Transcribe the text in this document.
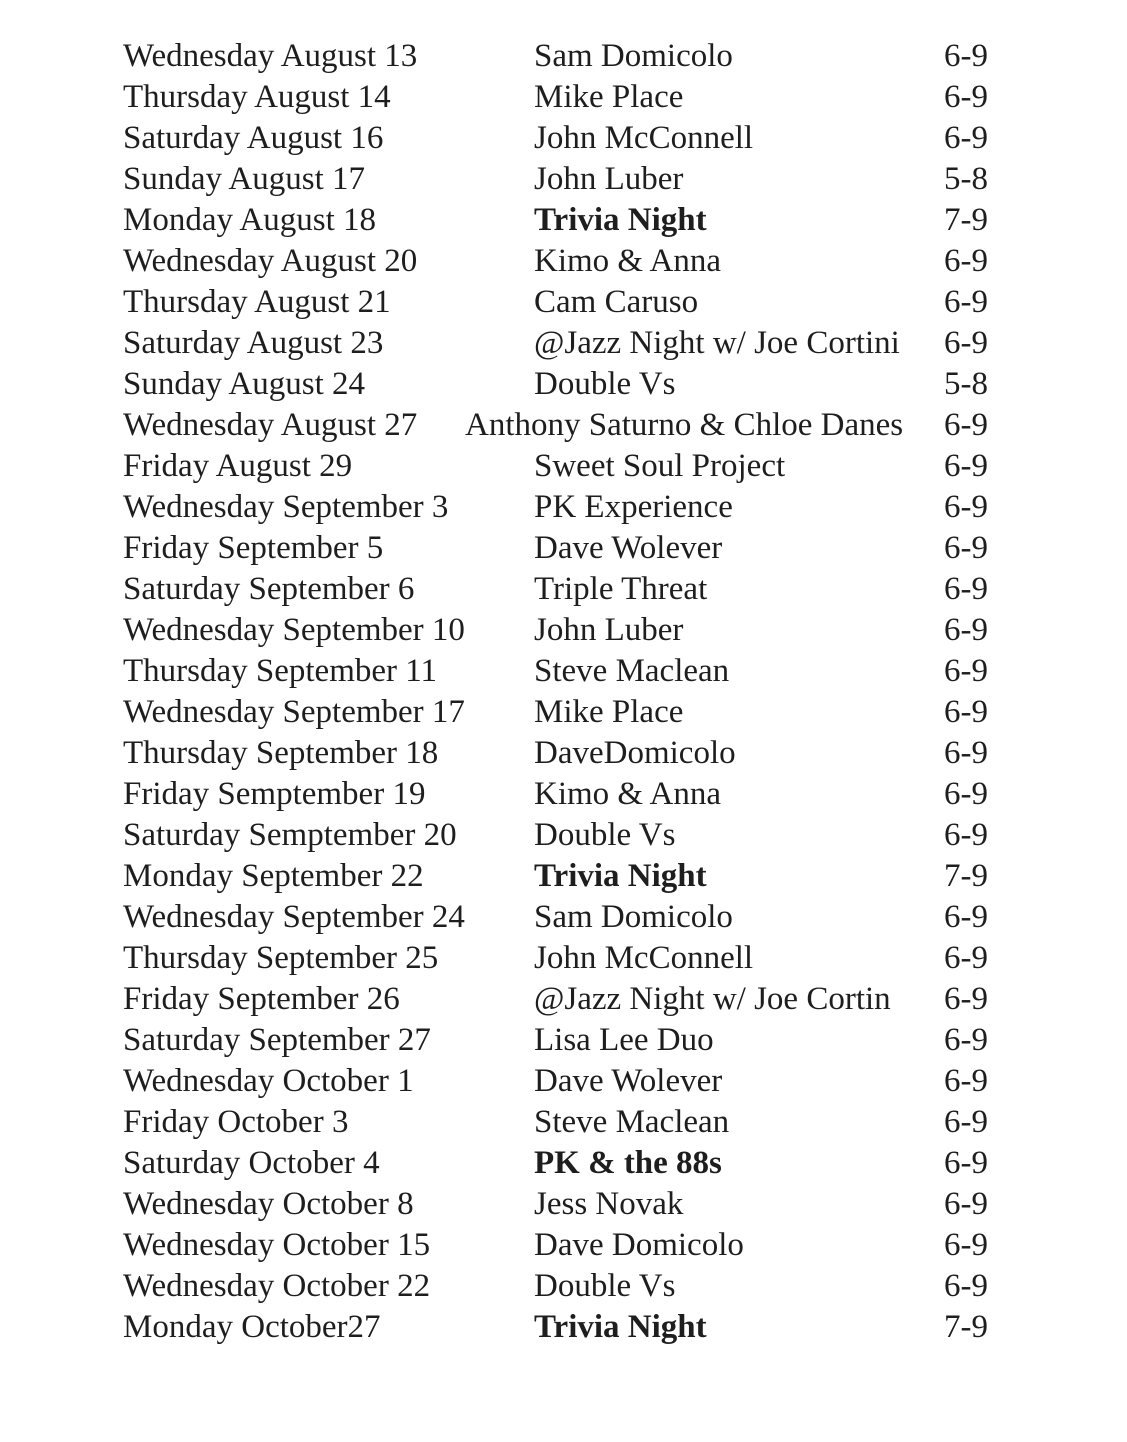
Wednesday August 13	Sam Domicolo	6-9
Thursday August 14	Mike Place	6-9
Saturday August 16	John McConnell	6-9
Sunday August 17	John Luber	5-8
Monday August 18	Trivia Night	7-9
Wednesday August 20	Kimo & Anna	6-9
Thursday August 21	Cam Caruso	6-9
Saturday August 23	@Jazz Night w/ Joe Cortini 6-9
Sunday August 24	Double Vs	5-8
Wednesday August 27 Anthony Saturno & Chloe Danes 6-9
Friday August 29	Sweet Soul Project	6-9
Wednesday September 3	PK Experience	6-9
Friday September 5	Dave Wolever	6-9
Saturday September 6	Triple Threat	6-9
Wednesday September 10 John Luber	6-9
Thursday September 11	Steve Maclean	6-9
Wednesday September 17 Mike Place	6-9
Thursday September 18	DaveDomicolo	6-9
Friday Semptember 19	Kimo & Anna	6-9
Saturday Semptember 20 Double Vs	6-9
Monday September 22	Trivia Night	7-9
Wednesday September 24 Sam Domicolo	6-9
Thursday September 25	John McConnell	6-9
Friday September 26	@Jazz Night w/ Joe Cortin 6-9
Saturday September 27	Lisa Lee Duo	6-9
Wednesday October 1	Dave Wolever	6-9
Friday October 3	Steve Maclean	6-9
Saturday October 4	PK & the 88s	6-9
Wednesday October 8	Jess Novak	6-9
Wednesday October 15	Dave Domicolo	6-9
Wednesday October 22	Double Vs	6-9
Monday October27	Trivia Night	7-9
